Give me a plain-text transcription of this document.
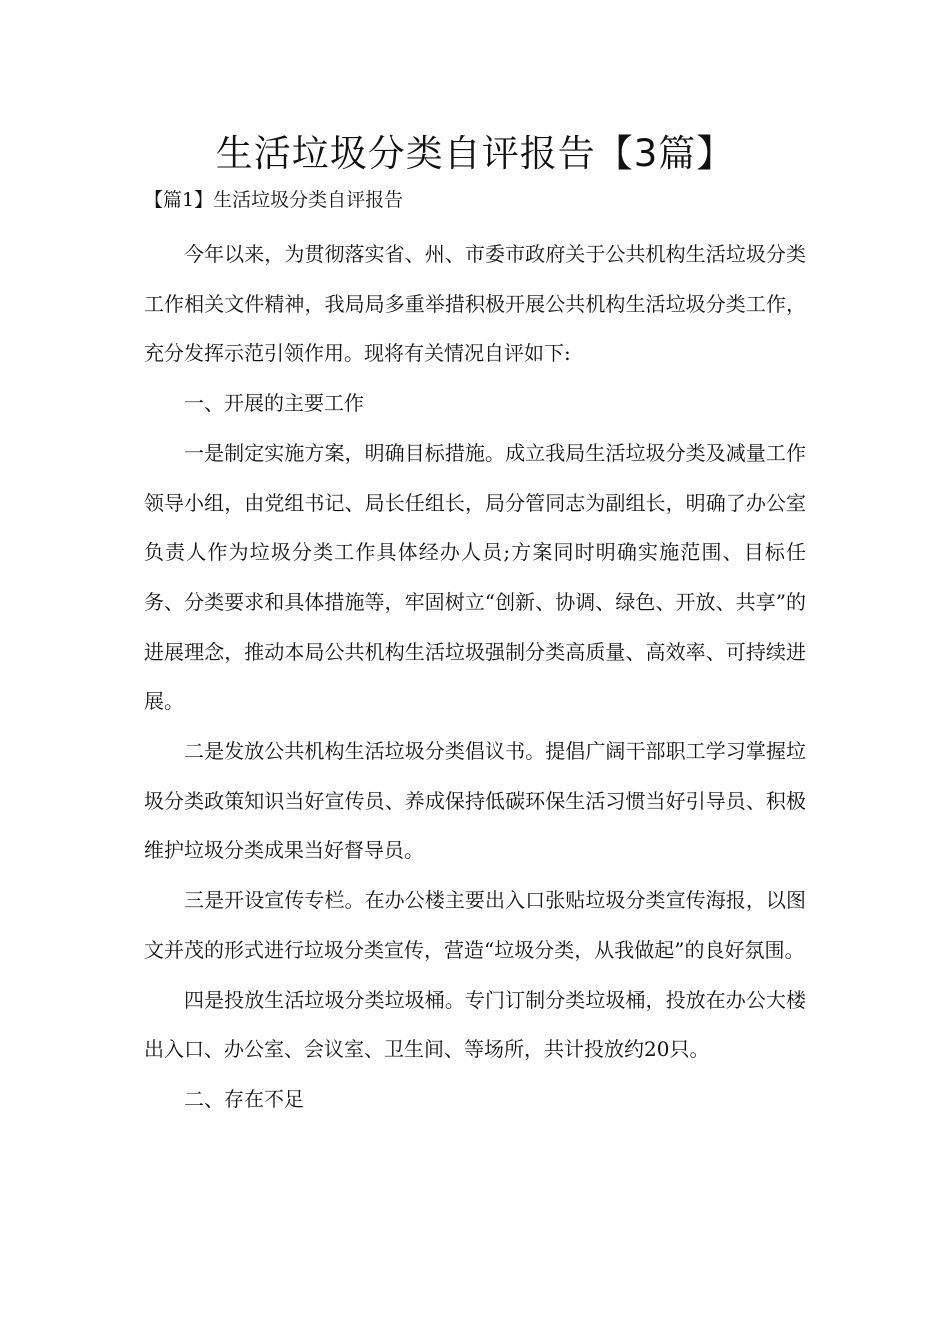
生活垃圾分类自评报告【3篇】
【篇1】生活垃圾分类自评报告

今年以来，为贯彻落实省、州、市委市政府关于公共机构生活垃圾分类工作相关文件精神，我局局多重举措积极开展公共机构生活垃圾分类工作，充分发挥示范引领作用。现将有关情况自评如下:

一、开展的主要工作

一是制定实施方案，明确目标措施。成立我局生活垃圾分类及减量工作领导小组，由党组书记、局长任组长，局分管同志为副组长，明确了办公室负责人作为垃圾分类工作具体经办人员;方案同时明确实施范围、目标任务、分类要求和具体措施等，牢固树立“创新、协调、绿色、开放、共享”的进展理念，推动本局公共机构生活垃圾强制分类高质量、高效率、可持续进展。

二是发放公共机构生活垃圾分类倡议书。提倡广阔干部职工学习掌握垃圾分类政策知识当好宣传员、养成保持低碳环保生活习惯当好引导员、积极维护垃圾分类成果当好督导员。

三是开设宣传专栏。在办公楼主要出入口张贴垃圾分类宣传海报，以图文并茂的形式进行垃圾分类宣传，营造“垃圾分类，从我做起”的良好氛围。

四是投放生活垃圾分类垃圾桶。专门订制分类垃圾桶，投放在办公大楼出入口、办公室、会议室、卫生间、等场所，共计投放约20只。

二、存在不足
